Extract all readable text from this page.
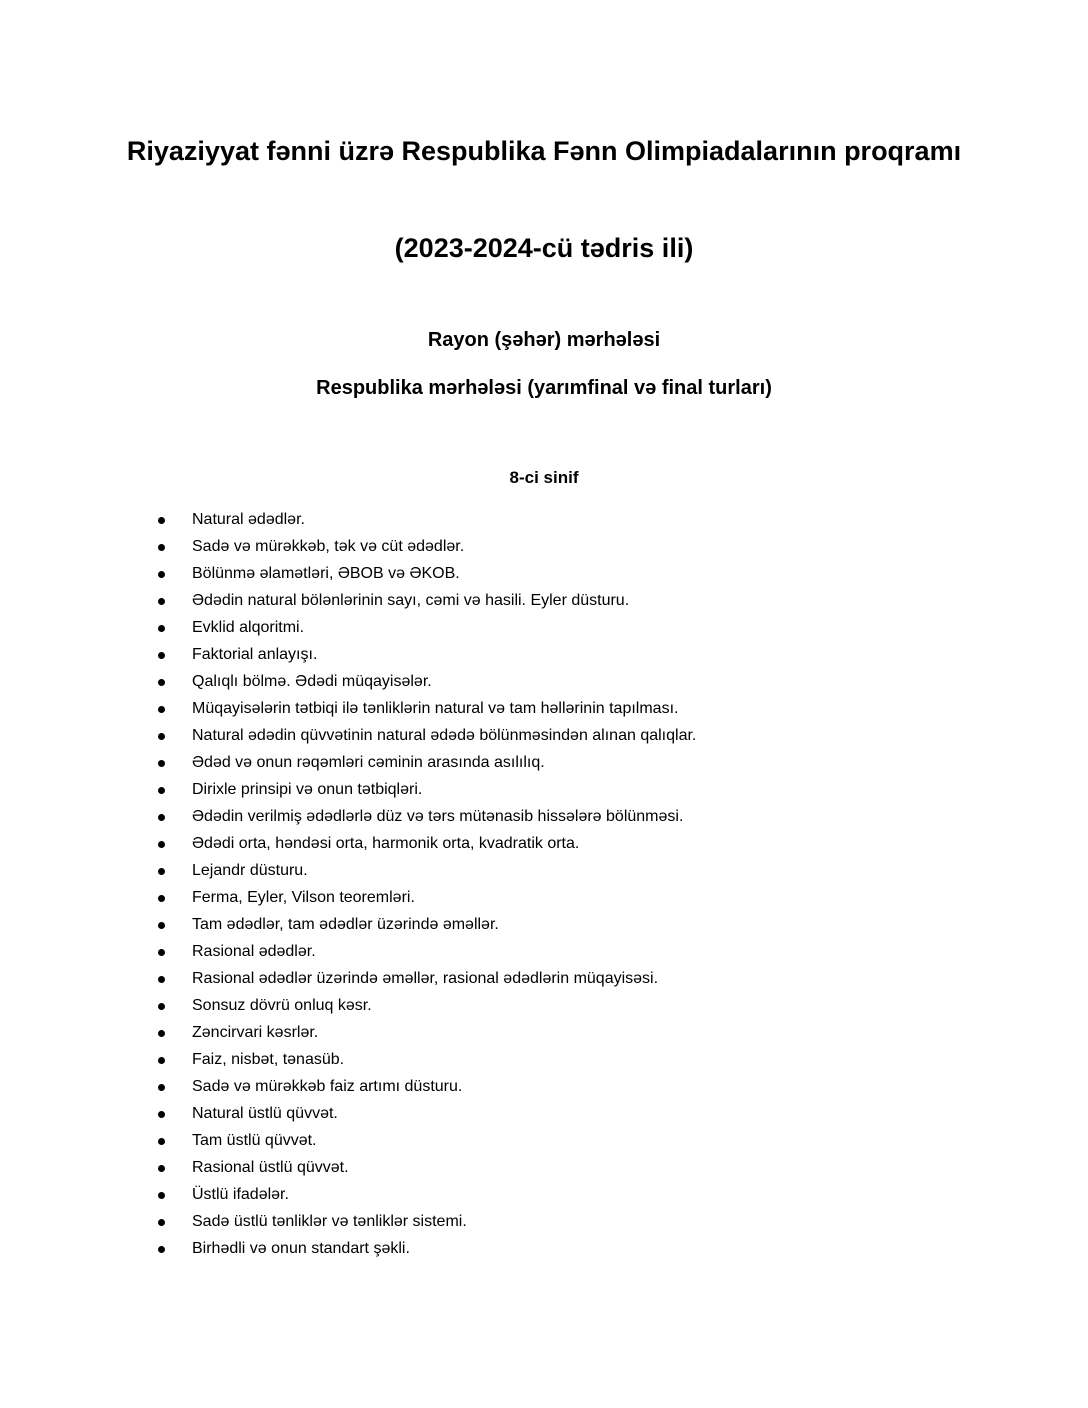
Riyaziyyat fənni üzrə Respublika Fənn Olimpiadalarının proqramı
(2023-2024-cü tədris ili)
Rayon (şəhər) mərhələsi
Respublika mərhələsi (yarımfinal və final turları)
8-ci sinif
Natural ədədlər.
Sadə və mürəkkəb, tək və cüt ədədlər.
Bölünmə əlamətləri, ƏBOB və ƏKOB.
Ədədin natural bölənlərinin sayı, cəmi və hasili. Eyler düsturu.
Evklid alqoritmi.
Faktorial anlayışı.
Qalıqlı bölmə. Ədədi müqayisələr.
Müqayisələrin tətbiqi ilə tənliklərin natural və tam həllərinin tapılması.
Natural ədədin qüvvətinin natural ədədə bölünməsindən alınan qalıqlar.
Ədəd və onun rəqəmləri cəminin arasında asılılıq.
Dirixle prinsipi və onun tətbiqləri.
Ədədin verilmiş ədədlərlə düz və tərs mütənasib hissələrə bölünməsi.
Ədədi orta, həndəsi orta, harmonik orta, kvadratik orta.
Lejandr düsturu.
Ferma, Eyler, Vilson teoremləri.
Tam ədədlər, tam ədədlər üzərində əməllər.
Rasional ədədlər.
Rasional ədədlər üzərində əməllər, rasional ədədlərin müqayisəsi.
Sonsuz dövrü onluq kəsr.
Zəncirvari kəsrlər.
Faiz, nisbət, tənasüb.
Sadə və mürəkkəb faiz artımı düsturu.
Natural üstlü qüvvət.
Tam üstlü qüvvət.
Rasional üstlü qüvvət.
Üstlü ifadələr.
Sadə üstlü tənliklər və tənliklər sistemi.
Birhədli və onun standart şəkli.
